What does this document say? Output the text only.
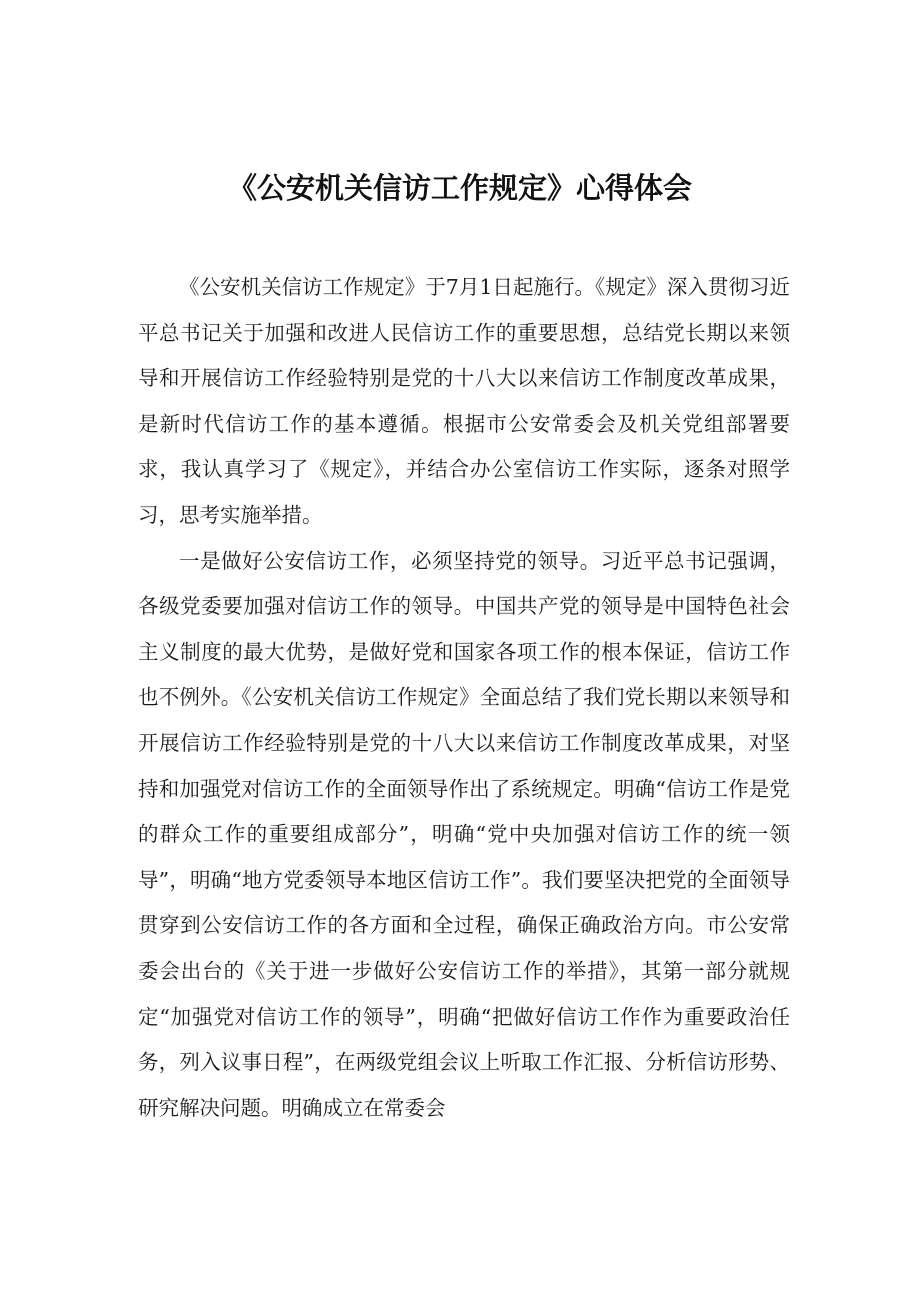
《公安机关信访工作规定》心得体会

《公安机关信访工作规定》于7月1日起施行。《规定》深入贯彻习近平总书记关于加强和改进人民信访工作的重要思想，总结党长期以来领导和开展信访工作经验特别是党的十八大以来信访工作制度改革成果，是新时代信访工作的基本遵循。根据市公安常委会及机关党组部署要求，我认真学习了《规定》，并结合办公室信访工作实际，逐条对照学习，思考实施举措。

一是做好公安信访工作，必须坚持党的领导。习近平总书记强调，各级党委要加强对信访工作的领导。中国共产党的领导是中国特色社会主义制度的最大优势，是做好党和国家各项工作的根本保证，信访工作也不例外。《公安机关信访工作规定》全面总结了我们党长期以来领导和开展信访工作经验特别是党的十八大以来信访工作制度改革成果，对坚持和加强党对信访工作的全面领导作出了系统规定。明确“信访工作是党的群众工作的重要组成部分”，明确“党中央加强对信访工作的统一领导”，明确“地方党委领导本地区信访工作”。我们要坚决把党的全面领导贯穿到公安信访工作的各方面和全过程，确保正确政治方向。市公安常委会出台的《关于进一步做好公安信访工作的举措》，其第一部分就规定“加强党对信访工作的领导”，明确“把做好信访工作作为重要政治任务，列入议事日程”，在两级党组会议上听取工作汇报、分析信访形势、研究解决问题。明确成立在常委会
